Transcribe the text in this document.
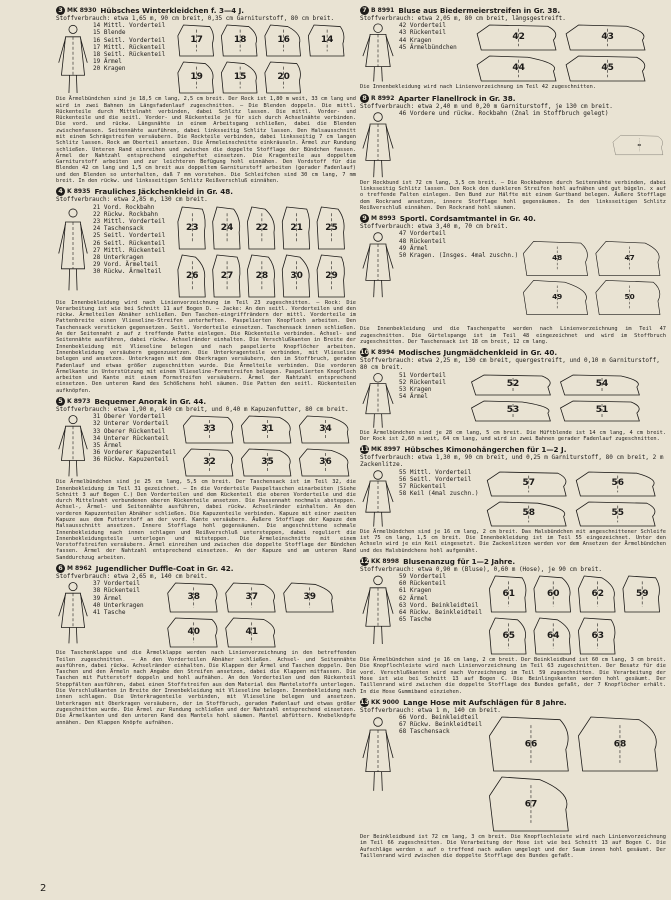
3 MK 8930 Hübsches Winterkleidchen f. 3—4 J.
Stoffverbrauch: etwa 1,65 m, 90 cm breit, 0,35 cm Garniturstoff, 80 cm breit.
14 Mittl. Vorderteil
15 Blende
16 Seitl. Vorderteil
17 Mittl. Rückenteil
18 Seitl. Rückenteil
19 Ärmel
20 Kragen
17	18	16	14
19	15	20

Die Ärmelbündchen sind je 18,5 cm lang, 2,5 cm breit. Der Rock ist 1,80 m weit, 33 cm lang und wird in zwei Bahnen im Längsfadenlauf zugeschnitten. — Die Blenden doppeln. Die mittl. Rückenteile durch Mittelnaht verbinden, dabei Schlitz lassen. Die mittl. Vorder- und Rückenteile und die seitl. Vorder- und Rückenteile je für sich durch Achselnähte verbinden. Die vord. und rückw. Längsnähte in einem Arbeitsgang schließen, dabei die Blenden zwischenfassen. Seitennähte ausführen, dabei linksseitig Schlitz lassen. Den Halsausschnitt mit einem Schrägstreifen versäubern. Die Rockteile verbinden, dabei linksseitig 7 cm langen Schlitz lassen. Rock am Oberteil ansetzen. Die Ärmeleinschnitte einkräuseln. Ärmel zur Rundung schließen. Unteren Rand einreihen und zwischen die doppelte Stofflage der Bündchen fassen. Ärmel der Nahtzahl entsprechend eingeheftet einsetzen. Die Kragenteile aus doppeltem Garniturstoff arbeiten und zur leichteren Befügung hohl einnähen. Den Vordstoff für die Blenden 42 cm lang und 1,5 cm breit aus doppeltem Garniturstoff arbeiten (gerader Fadenlauf) und den Blenden so unterhalten, daß 7 mm vorstehen. Die Schleifchen sind 30 cm lang, 7 mm breit. In den rückw. und linksseitigen Schlitz Reißverschluß einnähen.

4 K 8935 Frauliches Jäckchenkleid in Gr. 48.
Stoffverbrauch: etwa 2,85 m, 130 cm breit.
21 Vord. Rockbahn
22 Rückw. Rockbahn
23 Mittl. Vorderteil
24 Taschensack
25 Seitl. Vorderteil
26 Seitl. Rückenteil
27 Mittl. Rückenteil
28 Unterkragen
29 Vord. Ärmelteil
30 Rückw. Ärmelteil
23 24 22 21 25
26 27 28 30 29

Die Innenbekleidung wird nach Linienvorzeichnung im Teil 23 zugeschnitten. — Rock: Die Verarbeitung ist wie bei Schnitt 11 auf Bogen D. — Jacke: An den seitl. Vorderteilen und den rückw. Ärmelteilen Abnäher schließen. Den Taschen-eingriffrändern der mittl. Vorderteile im Pattenbreite einen Vlieseline-Streifen unterheften. Paspelierten Knopfloch arbeiten. Den Taschensack versticken gegensetzen. Seitl. Vorderteile einsetzen. Taschensack innen schließen. An der Seitennaht z auf z treffende Patte einlegen. Die Rückenteile verbinden. Achsel- und Seitennähte ausführen, dabei rückw. Achselränder einhalten. Die Verschlußkanten in Breite der Innenbekleidung mit Vlieseline belegen und nach paspelierte Knopflöcher arbeiten. Innenbekleidung versäubern gegenzusetzen. Die Unterkragenteile verbinden, mit Vlieseline belegen und ansetzen. Unterkragen mit dem Oberkragen versäubern, den im Stoffbruch, geraden Fadenlauf und etwas größer zugeschnitten wurde. Die Ärmelteile verbinden. Die vorderen Ärmelkante in Unterstützung mit einem Vlieseline-Formstreifen belegen. Paspelierten Knopfloch arbeiten und Kante mit einem Formstreifen versäubern. Ärmel der Nahtzahl entsprechend einsetzen. Den unteren Rand des Schößchens hohl säumen. Die Patten den seitl. Rückenteilen aufknöpfen.

5 K 8973 Bequemer Anorak in Gr. 44.
Stoffverbrauch: etwa 1,90 m, 140 cm breit, und 0,40 m Kapuzenfutter, 80 cm breit.
31 Oberer Vorderteil
32 Unterer Vorderteil
33 Oberer Rückenteil
34 Unterer Rückenteil
35 Ärmel
36 Vorderer Kapuzenteil
36 Rückw. Kapuzenteil
33	31	34
32	35	36

Die Ärmelbündchen sind je 25 cm lang, 5,5 cm breit. Der Taschensack ist im Teil 32, die Innenbekleidung im Teil 31 gezeichnet. — In die Vorderteile Paspeltaschen einarbeiten (Siehe Schnitt 3 auf Bogen C.) Den Vorderteilen und dem Rückenteil die oberen Vorderteile und die durch Mittelnaht verbundenen oberen Rückenteile ansetzen. Die Passennaht nochmals absteppen. Achsel-, Ärmel- und Seitennähte ausführen, dabei rückw. Achselränder einhalten. An den vorderen Kapuzenteilen Abnäher schließen. Die Kapuzenteile verbinden. Kapuze mit einer zweiten Kapuze aus dem Futterstoff an der vord. Kante versäubern. Äußere Stofflage der Kapuze dem Halsausschnitt ansetzen. Innere Stofflage hohl gegensäumen. Die angeschnittene schmale Innenbekleidung nach innen schlagen und Reißverschluß untersteppen, dabei reguliert die Innenbekleidungsteile unterlegen und mitsteppen. Die Ärmeleinschnitte mit einem Vorstoffstreifen versäubern. Ärmel einreihen und zwischen die doppelte Stofflage der Bündchen fassen. Ärmel der Nahtzahl entsprechend einsetzen. An der Kapuze und am unteren Rand Sanddurchzug arbeiten.

6 M 8962 Jugendlicher Duffle-Coat in Gr. 42.
Stoffverbrauch: etwa 2,65 m, 140 cm breit.
37 Vorderteil
38 Rückenteil
39 Ärmel
40 Unterkragen
41 Tasche
38	37	39
40	41

Die Taschenklappe und die Ärmelklappe werden nach Linienvorzeichnung in den betreffenden Teilen zugeschnitten. — An den Vorderteilen Abnäher schließen. Achsel- und Seitennähte ausführen, dabei rückw. Achselränder einhalten. Die Klappen der Ärmel und Taschen doppeln. Den Taschen und den Ärmeln nach Angabe den Streifen ansetzen, dabei die Klappen mitfassen. Die Taschen mit Futterstoff doppeln und hohl aufnähen. An den Vorderteilen und dem Rückenteil Steppfälten ausführen, dabei einen Stoffstreifen aus dem Material des Mantelstoffs unterlegen. Die Verschlußkanten in Breite der Innenbekleidung mit Vlieseline belegen. Innenbekleidung nach innen schlagen. Die Unterkragenteile verbinden, mit Vlieseline belegen und ansetzen. Unterkragen mit Oberkragen versäubern, der im Stoffbruch, geraden Fadenlauf und etwas größer zugeschnitten wurde. Die Ärmel zur Rundung schließen und der Nahtzahl entsprechend einsetzen. Die Ärmelkanten und den unteren Rand des Mantels hohl säumen. Mantel abfüttern. Knebelknöpfe annähen. Den Klappen Knöpfe aufnähen.

7 B 8991 Bluse aus Biedermeierstreifen in Gr. 38.
Stoffverbrauch: etwa 2,05 m, 80 cm breit, längsgestreift.
42 Vorderteil
43 Rückenteil
44 Kragen
45 Ärmelbündchen
42	43
44	45

Die Innenbekleidung wird nach Linienvorzeichnung im Teil 42 zugeschnitten.

8 R 8992 Aparter Flanellrock in Gr. 38.
Stoffverbrauch: etwa 2,40 m und 0,20 m Garniturstoff, je 130 cm breit.
46 Vordere und rückw. Rockbahn (Znal im Stoffbruch gelegt)
46

Der Rockbund ist 72 cm lang, 3,5 cm breit. — Die Rockbahnen durch Seitennähte verbinden, dabei linksseitig Schlitz lassen. Den Rock den dunkleren Streifen hohl aufnähen und gut bügeln. x auf o treffende Falten einlegen. Den Bund zur Hälfte mit einem Gurtband belegen. Äußere Stofflage dem Rockrand ansetzen, innere Stofflage hohl gegensäumen. In den linksseitigen Schlitz Reißverschluß einnähen. Den Rockrand hohl säumen.

9 M 8993 Sportl. Cordsamtmantel in Gr. 40.
Stoffverbrauch: etwa 3,40 m, 70 cm breit.
47 Vorderteil
48 Rückenteil
49 Ärmel
50 Kragen. (Insges. 4mal zuschn.)	48	47
49	50

Die Innenbekleidung und die Taschenpatte werden nach Linienvorzeichnung im Teil 47 zugeschnitten. Die Gürtelspange ist im Teil 48 eingezeichnet und wird im Stoffbruch zugeschnitten. Der Taschensack ist 18 cm breit, 12 cm lang.

10 K 8994 Modisches Jungmädchenkleid in Gr. 40.
Stoffverbrauch: etwa 2,25 m, 130 cm breit, quergestreift, und 0,10 m Garniturstoff, 80 cm breit.
51 Vorderteil
52 Rückenteil
53 Kragen
54 Ärmel
52	54
53	51

Die Ärmelbündchen sind je 28 cm lang, 5 cm breit. Die Hüftblende ist 14 cm lang, 4 cm breit. Der Rock ist 2,60 m weit, 64 cm lang, und wird in zwei Bahnen gerader Fadenlauf zugeschnitten.

11 MK 8997 Hübsches Kimonohängerchen für 1—2 J.
Stoffverbrauch: etwa 1,30 m, 90 cm breit, und 0,25 m Garniturstoff, 80 cm breit, 2 m Zackenlitze.
55 Mittl. Vorderteil
56 Seitl. Vorderteil
57 Rückenteil
58 Keil (4mal zuschn.)
57	56
58	55

Die Ärmelbündchen sind je 16 cm lang, 2 cm breit. Das Halsbündchen mit angeschnittener Schleife ist 75 cm lang, 1,5 cm breit. Die Innenbekleidung ist im Teil 55 eingezeichnet. Unter den Achseln wird je ein Keil eingesetzt. Die Zackenlitzen werden vor dem Ansetzen der Ärmelbündchen und des Halsbündchens hohl aufgenäht.

12 KK 8998 Blusenanzug für 1—2 Jahre.
Stoffverbrauch: etwa 0,90 m (Bluse), 0,60 m (Hose), je 90 cm breit.
59 Vorderteil
60 Rückenteil
61 Kragen
62 Ärmel
63 Vord. Beinkleidteil
64 Rückw. Beinkleidteil
65 Tasche
61	60	62	59
65	64	63

Die Ärmelbündchen sind je 16 cm lang, 2 cm breit. Der Beinkleidbund ist 60 cm lang, 3 cm breit. Die Knopflochleiste wird nach Linienvorzeichnung im Teil 63 zugeschnitten. Der Besatz für die vord. Verschlußkanten wird nach Vorzeichnung im Teil 59 zugeschnitten. Die Verarbeitung der Hose ist wie bei Schnitt 13 auf Bogen C. Die Beinlingskanten werden hohl gesäumt. Der Taillenrand wird zwischen die doppelte Stofflage des Bundes gefaßt, der 7 Knopflöcher erhält. In die Hose Gummiband einziehen.

13 KK 9000 Lange Hose mit Aufschlägen für 8 Jahre.
Stoffverbrauch: etwa 1 m, 140 cm breit.
66 Vord. Beinkleidteil
67 Rückw. Beinkleidteil
68 Taschensack
66	68
67

Der Beinkleidbund ist 72 cm lang, 3 cm breit. Die Knopflochleiste wird nach Linienvorzeichnung im Teil 66 zugeschnitten. Die Verarbeitung der Hose ist wie bei Schnitt 13 auf Bogen C. Die Aufschläge werden x auf o treffend nach außen umgelegt und der Saum innen hohl gesäumt. Der Taillenrand wird zwischen die doppelte Stofflage des Bundes gefaßt.

2
